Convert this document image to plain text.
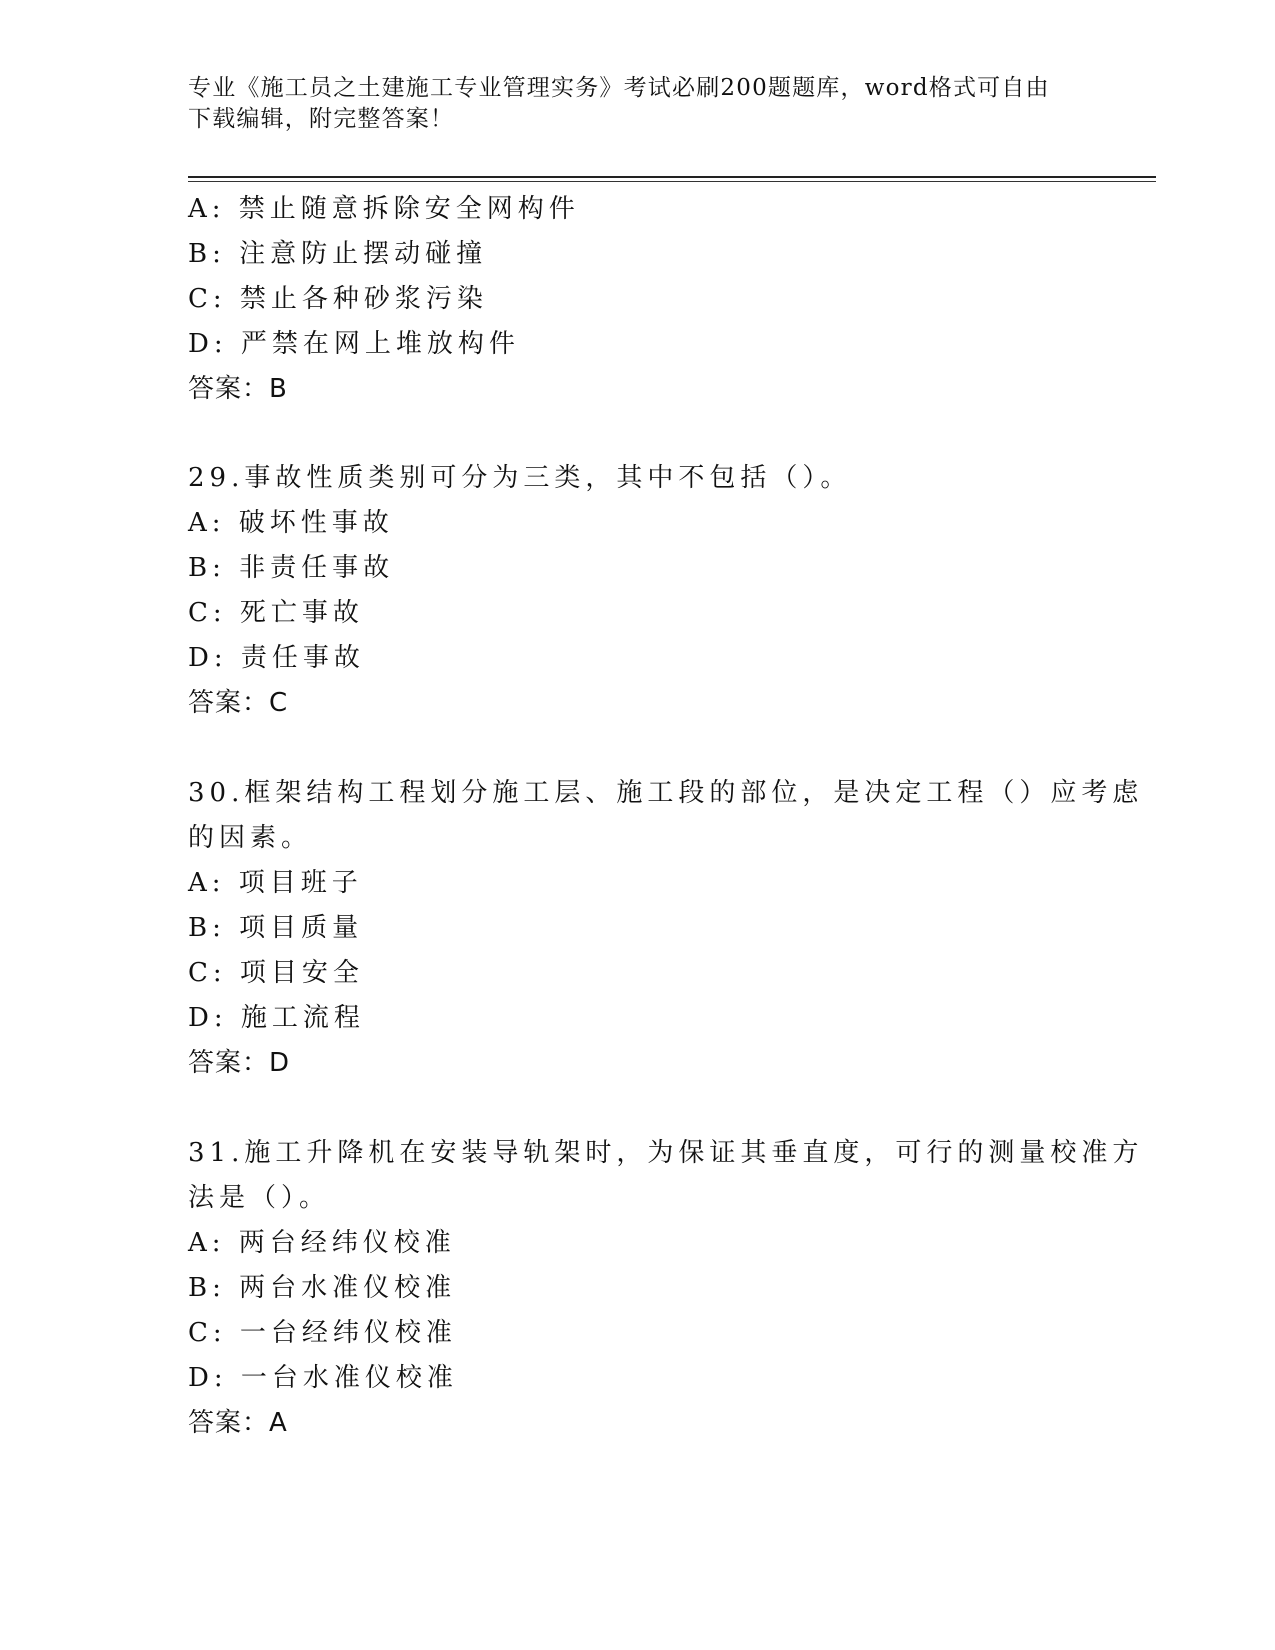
专业《施工员之土建施工专业管理实务》考试必刷200题题库，word格式可自由
下载编辑，附完整答案！
A: 禁止随意拆除安全网构件
B: 注意防止摆动碰撞
C: 禁止各种砂浆污染
D: 严禁在网上堆放构件
答案：B
29.事故性质类别可分为三类，其中不包括（）。
A: 破坏性事故
B: 非责任事故
C: 死亡事故
D: 责任事故
答案：C
30.框架结构工程划分施工层、施工段的部位，是决定工程（）应考虑
的因素。
A: 项目班子
B: 项目质量
C: 项目安全
D: 施工流程
答案：D
31.施工升降机在安装导轨架时，为保证其垂直度，可行的测量校准方
法是（）。
A: 两台经纬仪校准
B: 两台水准仪校准
C: 一台经纬仪校准
D: 一台水准仪校准
答案：A
